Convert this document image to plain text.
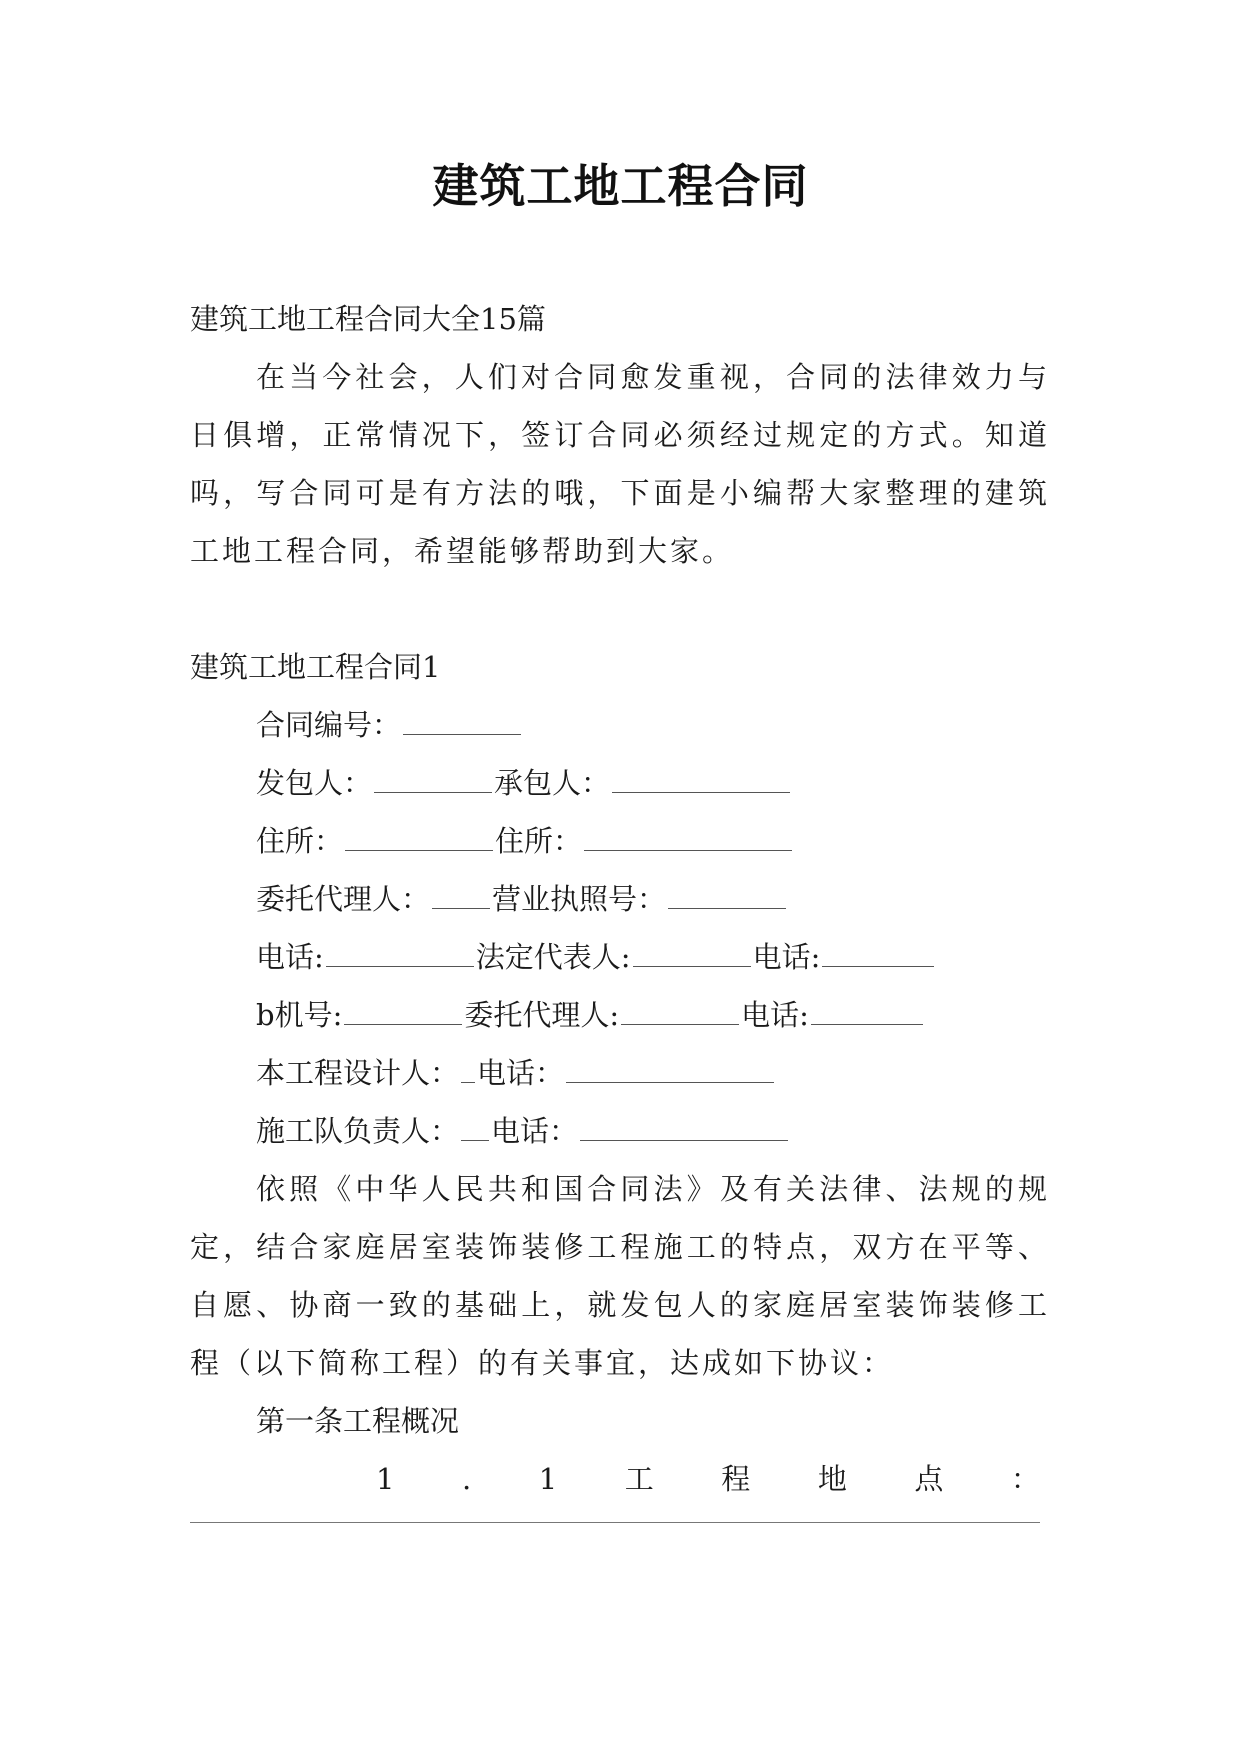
建筑工地工程合同
建筑工地工程合同大全15篇
在当今社会，人们对合同愈发重视，合同的法律效力与日俱增，正常情况下，签订合同必须经过规定的方式。知道吗，写合同可是有方法的哦，下面是小编帮大家整理的建筑工地工程合同，希望能够帮助到大家。
建筑工地工程合同1
合同编号：
发包人：	承包人：
住所：	住所：
委托代理人： 营业执照号：
电话:	法定代表人:	电话:
b机号:	委托代理人:	电话:
本工程设计人： 电话：
施工队负责人： 电话：
依照《中华人民共和国合同法》及有关法律、法规的规定，结合家庭居室装饰装修工程施工的特点，双方在平等、自愿、协商一致的基础上，就发包人的家庭居室装饰装修工程（以下简称工程）的有关事宜，达成如下协议：
第一条工程概况
1 . 1 工 程 地 点 ：
